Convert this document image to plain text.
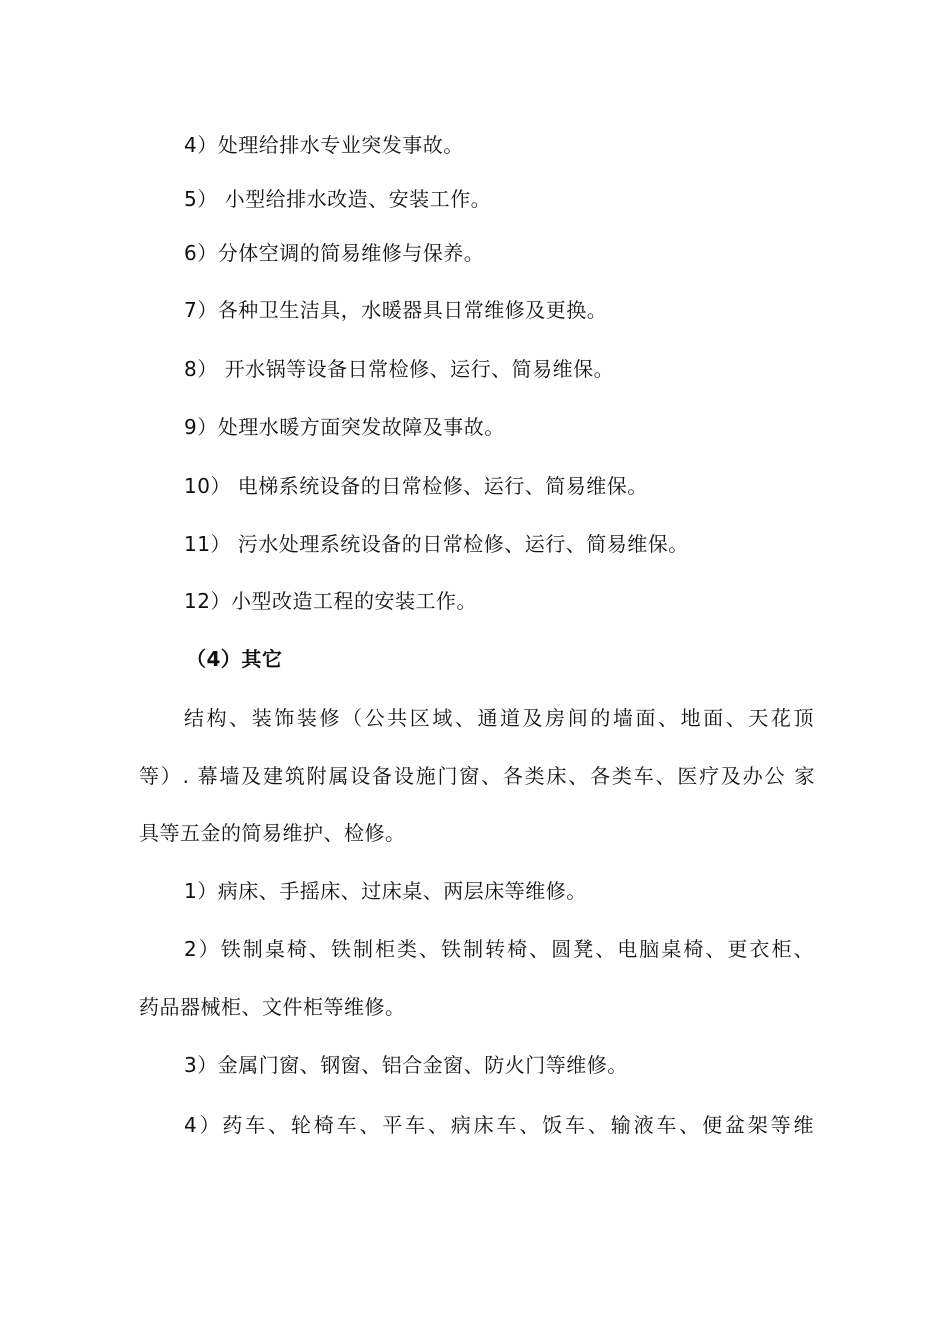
4）处理给排水专业突发事故。
5） 小型给排水改造、安装工作。
6）分体空调的简易维修与保养。
7）各种卫生洁具，水暖器具日常维修及更换。
8） 开水锅等设备日常检修、运行、简易维保。
9）处理水暖方面突发故障及事故。
10） 电梯系统设备的日常检修、运行、简易维保。
11） 污水处理系统设备的日常检修、运行、简易维保。
12）小型改造工程的安装工作。
（4）其它
结构、装饰装修（公共区域、通道及房间的墙面、地面、天花顶
等）. 幕墙及建筑附属设备设施门窗、各类床、各类车、医疗及办公 家
具等五金的简易维护、检修。
1）病床、手摇床、过床桌、两层床等维修。
2）铁制桌椅、铁制柜类、铁制转椅、圆凳、电脑桌椅、更衣柜、
药品器械柜、文件柜等维修。
3）金属门窗、钢窗、铝合金窗、防火门等维修。
4）药车、轮椅车、平车、病床车、饭车、输液车、便盆架等维
